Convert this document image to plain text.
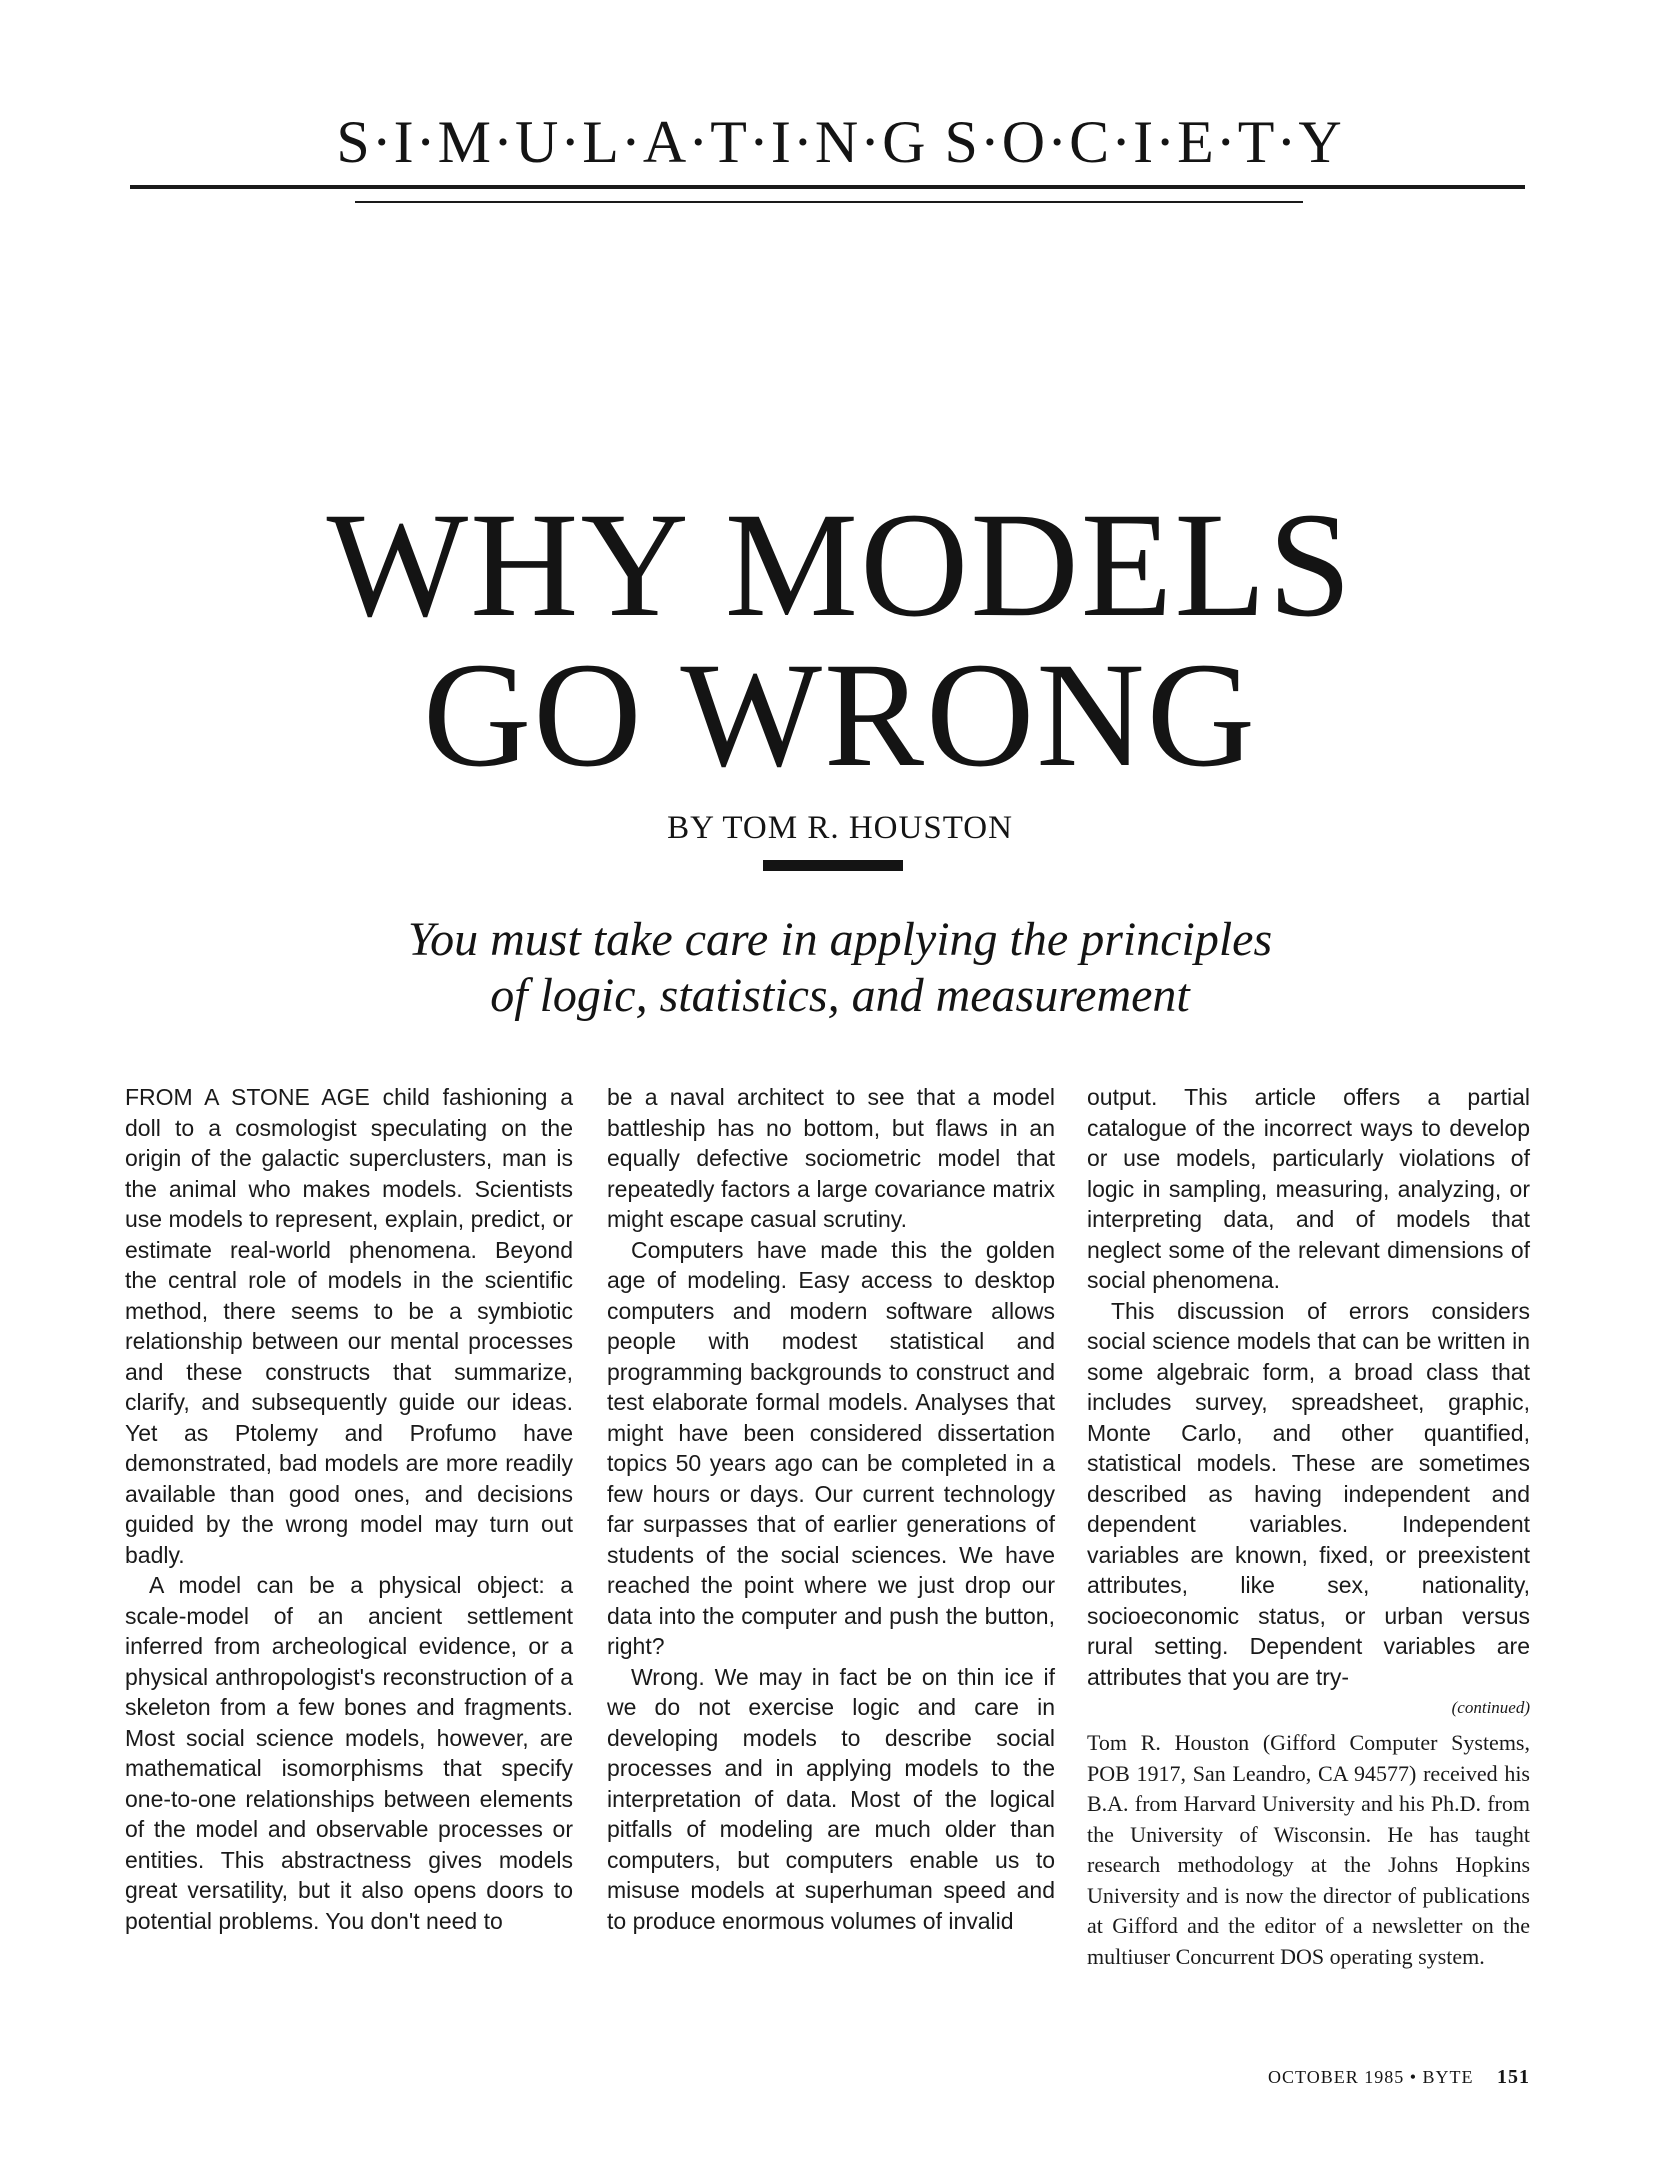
S·I·M·U·L·A·T·I·N·G S·O·C·I·E·T·Y
WHY MODELS
GO WRONG
BY TOM R. HOUSTON
You must take care in applying the principles
of logic, statistics, and measurement

FROM A STONE AGE child fashioning a doll to a cosmologist speculating on the origin of the galactic superclusters, man is the animal who makes models. Scientists use models to represent, explain, predict, or estimate real-world phenomena. Beyond the central role of models in the scientific method, there seems to be a symbiotic relationship between our mental processes and these constructs that summarize, clarify, and subsequently guide our ideas. Yet as Ptolemy and Profumo have demonstrated, bad models are more readily available than good ones, and decisions guided by the wrong model may turn out badly.

A model can be a physical object: a scale-model of an ancient settlement inferred from archeological evidence, or a physical anthropologist's reconstruction of a skeleton from a few bones and fragments. Most social science models, however, are mathematical isomorphisms that specify one-to-one relationships between elements of the model and observable processes or entities. This abstractness gives models great versatility, but it also opens doors to potential problems. You don't need to

be a naval architect to see that a model battleship has no bottom, but flaws in an equally defective sociometric model that repeatedly factors a large covariance matrix might escape casual scrutiny.

Computers have made this the golden age of modeling. Easy access to desktop computers and modern software allows people with modest statistical and programming backgrounds to construct and test elaborate formal models. Analyses that might have been considered dissertation topics 50 years ago can be completed in a few hours or days. Our current technology far surpasses that of earlier generations of students of the social sciences. We have reached the point where we just drop our data into the computer and push the button, right?

Wrong. We may in fact be on thin ice if we do not exercise logic and care in developing models to describe social processes and in applying models to the interpretation of data. Most of the logical pitfalls of modeling are much older than computers, but computers enable us to misuse models at superhuman speed and to produce enormous volumes of invalid

output. This article offers a partial catalogue of the incorrect ways to develop or use models, particularly violations of logic in sampling, measuring, analyzing, or interpreting data, and of models that neglect some of the relevant dimensions of social phenomena.

This discussion of errors considers social science models that can be written in some algebraic form, a broad class that includes survey, spreadsheet, graphic, Monte Carlo, and other quantified, statistical models. These are sometimes described as having independent and dependent variables. Independent variables are known, fixed, or preexistent attributes, like sex, nationality, socioeconomic status, or urban versus rural setting. Dependent variables are attributes that you are try-

(continued)
Tom R. Houston (Gifford Computer Systems, POB 1917, San Leandro, CA 94577) received his B.A. from Harvard University and his Ph.D. from the University of Wisconsin. He has taught research methodology at the Johns Hopkins University and is now the director of publications at Gifford and the editor of a newsletter on the multiuser Concurrent DOS operating system.
OCTOBER 1985 • BYTE 151
